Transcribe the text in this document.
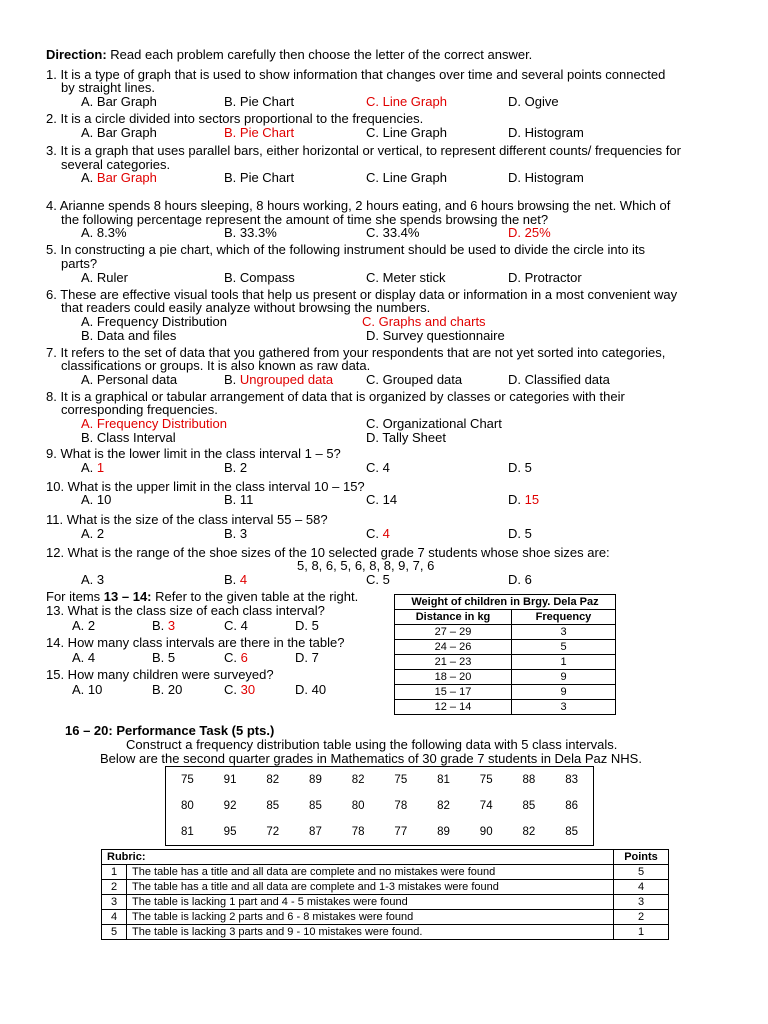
Direction: Read each problem carefully then choose the letter of the correct answer.
1. It is a type of graph that is used to show information that changes over time and several points connected
by straight lines.
A. Bar Graph	B. Pie Chart	C. Line Graph	D. Ogive
2. It is a circle divided into sectors proportional to the frequencies.
A. Bar Graph	B. Pie Chart	C. Line Graph	D. Histogram
3. It is a graph that uses parallel bars, either horizontal or vertical, to represent different counts/ frequencies for
several categories.
A. Bar Graph	B. Pie Chart	C. Line Graph	D. Histogram
4. Arianne spends 8 hours sleeping, 8 hours working, 2 hours eating, and 6 hours browsing the net. Which of
the following percentage represent the amount of time she spends browsing the net?
A. 8.3%	B. 33.3%	C. 33.4%	D. 25%
5. In constructing a pie chart, which of the following instrument should be used to divide the circle into its
parts?
A. Ruler	B. Compass	C. Meter stick	D. Protractor
6. These are effective visual tools that help us present or display data or information in a most convenient way
that readers could easily analyze without browsing the numbers.
A. Frequency Distribution	C. Graphs and charts
B. Data and files	D. Survey questionnaire
7. It refers to the set of data that you gathered from your respondents that are not yet sorted into categories,
classifications or groups. It is also known as raw data.
A. Personal data	B. Ungrouped data	C. Grouped data	D. Classified data
8. It is a graphical or tabular arrangement of data that is organized by classes or categories with their
corresponding frequencies.
A. Frequency Distribution	C. Organizational Chart
B. Class Interval	D. Tally Sheet
9. What is the lower limit in the class interval 1 – 5?
A. 1	B. 2	C. 4	D. 5
10. What is the upper limit in the class interval 10 – 15?
A. 10	B. 11	C. 14	D. 15
11. What is the size of the class interval 55 – 58?
A. 2	B. 3	C. 4	D. 5
12. What is the range of the shoe sizes of the 10 selected grade 7 students whose shoe sizes are:
5, 8, 6, 5, 6, 8, 8, 9, 7, 6
A. 3	B. 4	C. 5	D. 6
For items 13 – 14: Refer to the given table at the right.
13. What is the class size of each class interval?
A. 2	B. 3	C. 4	D. 5
14. How many class intervals are there in the table?
A. 4	B. 5	C. 6	D. 7
15. How many children were surveyed?
A. 10	B. 20	C. 30	D. 40
Weight of children in Brgy. Dela Paz	
Distance in kg	Frequency
27 – 29	3
24 – 26	5
21 – 23	1
18 – 20	9
15 – 17	9
12 – 14	3
16 – 20: Performance Task (5 pts.)
Construct a frequency distribution table using the following data with 5 class intervals.
Below are the second quarter grades in Mathematics of 30 grade 7 students in Dela Paz NHS.
75	91	82	89	82	75	81	75	88	83
80	92	85	85	80	78	82	74	85	86
81	95	72	87	78	77	89	90	82	85
Rubric:		Points
1	The table has a title and all data are complete and no mistakes were found	5
2	The table has a title and all data are complete and 1-3 mistakes were found	4
3	The table is lacking 1 part and 4 - 5 mistakes were found	3
4	The table is lacking 2 parts and 6 - 8 mistakes were found	2
5	The table is lacking 3 parts and 9 - 10 mistakes were found.	1
